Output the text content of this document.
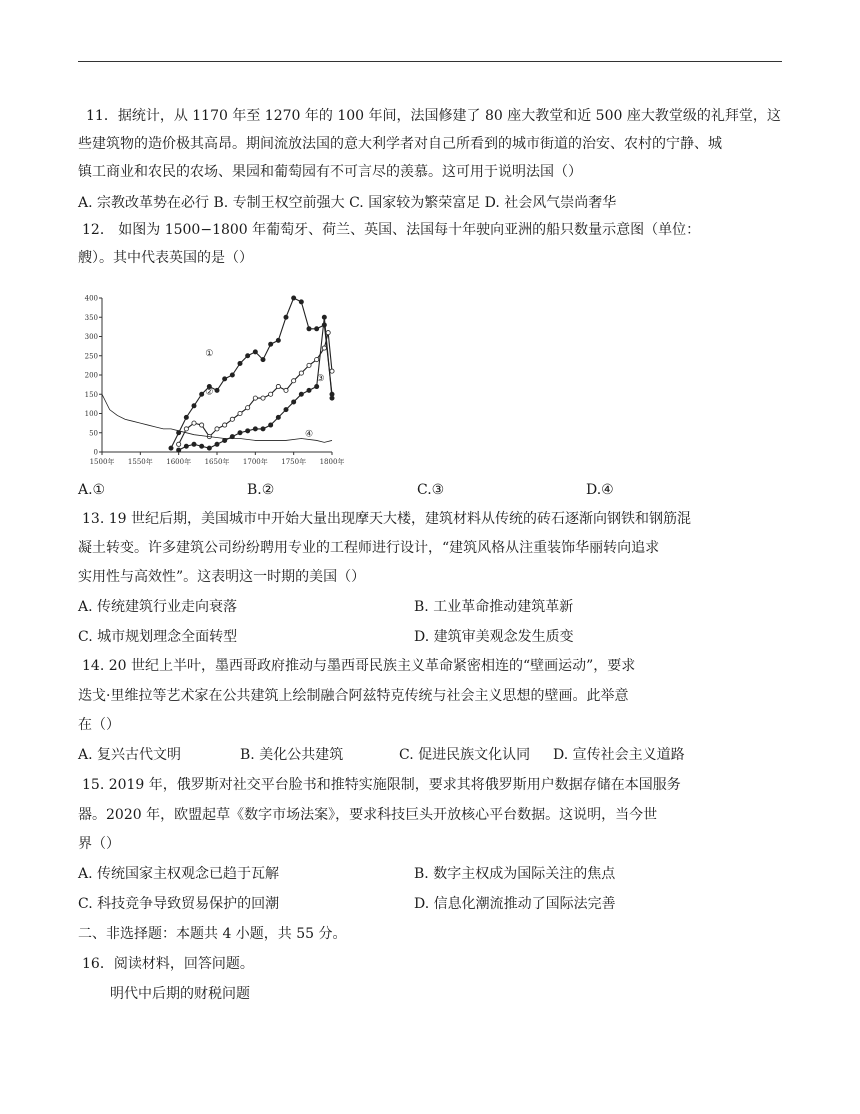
11．据统计，从 1170 年至 1270 年的 100 年间，法国修建了 80 座大教堂和近 500 座大教堂级的礼拜堂，这
些建筑物的造价极其高昂。期间流放法国的意大利学者对自己所看到的城市街道的治安、农村的宁静、城
镇工商业和农民的农场、果园和葡萄园有不可言尽的羡慕。这可用于说明法国（）
A. 宗教改革势在必行 B. 专制王权空前强大 C. 国家较为繁荣富足 D. 社会风气崇尚奢华
12． 如图为 1500−1800 年葡萄牙、荷兰、英国、法国每十年驶向亚洲的船只数量示意图（单位：
艘）。其中代表英国的是（）
0
50
100
150
200
250
300
350
400
1500年 1550年 1600年 1650年 1700年 1750年 1800年
①
②
③
④
A.①	B.②	C.③	D.④
13. 19 世纪后期，美国城市中开始大量出现摩天大楼，建筑材料从传统的砖石逐渐向钢铁和钢筋混
凝土转变。许多建筑公司纷纷聘用专业的工程师进行设计，“建筑风格从注重装饰华丽转向追求
实用性与高效性”。这表明这一时期的美国（）
A. 传统建筑行业走向衰落	B. 工业革命推动建筑革新
C. 城市规划理念全面转型	D. 建筑审美观念发生质变
14. 20 世纪上半叶，墨西哥政府推动与墨西哥民族主义革命紧密相连的“壁画运动”，要求
迭戈·里维拉等艺术家在公共建筑上绘制融合阿兹特克传统与社会主义思想的壁画。此举意
在（）
A. 复兴古代文明	B. 美化公共建筑	C. 促进民族文化认同 D. 宣传社会主义道路
15. 2019 年，俄罗斯对社交平台脸书和推特实施限制，要求其将俄罗斯用户数据存储在本国服务
器。2020 年，欧盟起草《数字市场法案》，要求科技巨头开放核心平台数据。这说明，当今世
界（）
A. 传统国家主权观念已趋于瓦解	B. 数字主权成为国际关注的焦点
C. 科技竞争导致贸易保护的回潮	D. 信息化潮流推动了国际法完善
二、非选择题：本题共 4 小题，共 55 分。
16．阅读材料，回答问题。
明代中后期的财税问题
